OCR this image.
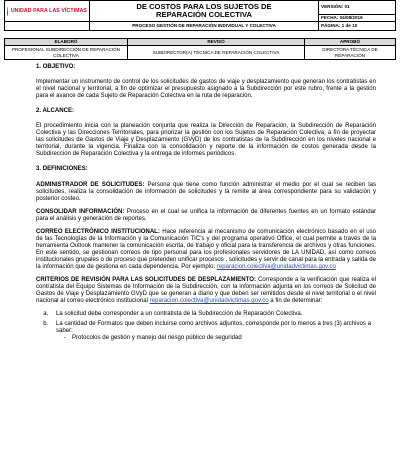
UNIDAD PARA LAS VÍCTIMAS	DE COSTOS PARA LOS SUJETOS DE
REPARACIÓN COLECTIVA	VERSIÓN: 01
		FECHA: 04/08/2016
	PROCESO GESTIÓN DE REPARACIÓN INDIVIDUAL Y COLECTIVA	PÁGINA: 1 de 10
ELABORÓ	REVISÓ	APROBÓ
PROFESIONAL SUBDIRECCIÓN DE REPARACIÓN COLECTIVA	SUBDIRECTOR(A) TÉCNICA DE REPARACIÓN COLECTIVA	DIRECTORA TÉCNICA DE REPARACIÓN

1. OBJETIVO:

Implementar un instrumento de control de los solicitudes de gastos de viaje y desplazamiento que generan los contratistas en el nivel nacional y territorial, a fin de optimizar el presupuesto asignado a la Subdirección por este rubro, frente a la gestión para el avance de cada Sujeto de Reparación Colectiva en la ruta de reparación.

2. ALCANCE:

El procedimiento inicia con la planeación conjunta que realiza la Dirección de Reparación, la Subdirección de Reparación Colectiva y las Direcciones Territoriales, para priorizar la gestión con los Sujetos de Reparación Colectiva, a fin de proyectar las solicitudes de Gastos de Viaje y Desplazamiento (GVyD) de los contratistas de la Subdirección en los niveles nacional e territorial, durante la vigencia. Finaliza con la consolidación y reporte de la información de costos generada desde la Subdirección de Reparación Colectiva y la entrega de informes periódicos.

3. DEFINICIONES:

ADMINISTRADOR DE SOLICITUDES: Persona que tiene como función administrar el medio por el cual se reciben las solicitudes, realiza la consolidación de información de solicitudes y la remite al área correspondiente para su validación y posterior costeo.

CONSOLIDAR INFORMACIÓN: Proceso en el cual se unifica la información de diferentes fuentes en un formato estándar para el análisis y generación de reportes.

CORREO ELECTRÓNICO INSTITUCIONAL: Hace referencia al mecanismo de comunicación electrónico basado en el uso de las Tecnologías de la Información y la Comunicación TIC's y del programa operativo Office, el cual permite a través de la herramienta Outlook mantener la comunicación escrita, de trabajo y oficial para la transferencia de archivos y otras funciones. En este sentido, se gestionan correos de tipo personal para los profesionales servidores de LA UNIDAD, así como correos institucionales grupales o de proceso que pretenden unificar procesos , solicitudes y servir de canal para la entrada y salida de la información que de gestiona en cada dependencia. Por ejemplo: reparacion.colectiva@unidadvictimas.gov.co

CRITERIOS DE REVISIÓN PARA LAS SOLICITUDES DE DESPLAZAMIENTO: Corresponde a la verificación que realiza el contratista del Equipo Sistemas de Información de la Subdirección, con la información adjunta en los correos de Solicitud de Gastos de Viaje y Desplazamiento GVyD que se generan a diario y que deben ser remitidos desde el nivel territorial o el nivel nacional al correo electrónico institucional reparacion.colectiva@unidadvictimas.gov.co a fin de determinar:

a. La solicitud debe corresponder a un contratista de la Subdirección de Reparación Colectiva.
b. La cantidad de Formatos que deben incluirse como archivos adjuntos, corresponde por lo menos a tres (3) archivos a saber:
- Protocolos de gestión y manejo del riesgo público de seguridad
